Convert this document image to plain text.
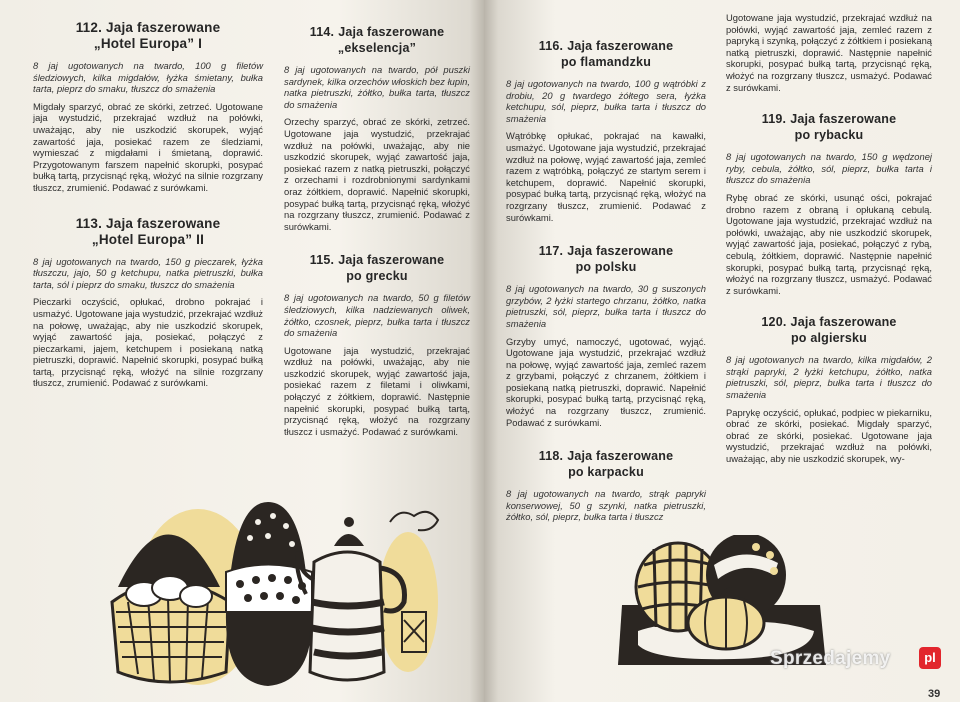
112. Jaja faszerowane
„Hotel Europa” I

8 jaj ugotowanych na twardo, 100 g filetów śledziowych, kilka migdałów, łyżka śmietany, bułka tarta, pieprz do smaku, tłuszcz do smażenia

Migdały sparzyć, obrać ze skórki, zetrzeć. Ugotowane jaja wystudzić, przekrajać wzdłuż na połówki, uważając, aby nie uszkodzić skorupek, wyjąć zawartość jaja, posiekać razem ze śledziami, wymieszać z migdałami i śmietaną, doprawić. Przygotowanym farszem napełnić skorupki, posypać bułką tartą, przycisnąć ręką, włożyć na silnie rozgrzany tłuszcz, zrumienić. Podawać z surówkami.

113. Jaja faszerowane
„Hotel Europa” II

8 jaj ugotowanych na twardo, 150 g pieczarek, łyżka tłuszczu, jajo, 50 g ketchupu, natka pietruszki, bułka tarta, sól i pieprz do smaku, tłuszcz do smażenia

Pieczarki oczyścić, opłukać, drobno pokrajać i usmażyć. Ugotowane jaja wystudzić, przekrajać wzdłuż na połowę, uważając, aby nie uszkodzić skorupek, wyjąć zawartość jaja, posiekać, połączyć z pieczarkami, jajem, ketchupem i posiekaną natką pietruszki, doprawić. Napełnić skorupki, posypać bułką tartą, przycisnąć ręką, włożyć na silnie rozgrzany tłuszcz, zrumienić. Podawać z surówkami.

114. Jaja faszerowane
„ekselencja”

8 jaj ugotowanych na twardo, pół puszki sardynek, kilka orzechów włoskich bez łupin, natka pietruszki, żółtko, bułka tarta, tłuszcz do smażenia

Orzechy sparzyć, obrać ze skórki, zetrzeć. Ugotowane jaja wystudzić, przekrajać wzdłuż na połówki, uważając, aby nie uszkodzić skorupek, wyjąć zawartość jaja, posiekać razem z natką pietruszki, połączyć z orzechami i rozdrobnionymi sardynkami oraz żółtkiem, doprawić. Napełnić skorupki, posypać bułką tartą, przycisnąć ręką, włożyć na rozgrzany tłuszcz, zrumienić. Podawać z surówkami.

115. Jaja faszerowane
po grecku

8 jaj ugotowanych na twardo, 50 g filetów śledziowych, kilka nadziewanych oliwek, żółtko, czosnek, pieprz, bułka tarta i tłuszcz do smażenia

Ugotowane jaja wystudzić, przekrajać wzdłuż na połówki, uważając, aby nie uszkodzić skorupek, wyjąć zawartość jaja, posiekać razem z filetami i oliwkami, połączyć z żółtkiem, doprawić. Następnie napełnić skorupki, posypać bułką tartą, przycisnąć ręką, włożyć na rozgrzany tłuszcz i usmażyć. Podawać z surówkami.

116. Jaja faszerowane
po flamandzku

8 jaj ugotowanych na twardo, 100 g wątróbki z drobiu, 20 g twardego żółtego sera, łyżka ketchupu, sól, pieprz, bułka tarta i tłuszcz do smażenia

Wątróbkę opłukać, pokrajać na kawałki, usmażyć. Ugotowane jaja wystudzić, przekrajać wzdłuż na połowę, wyjąć zawartość jaja, zemleć razem z wątróbką, połączyć ze startym serem i ketchupem, doprawić. Napełnić skorupki, posypać bułką tartą, przycisnąć ręką, włożyć na rozgrzany tłuszcz, zrumienić. Podawać z surówkami.

117. Jaja faszerowane
po polsku

8 jaj ugotowanych na twardo, 30 g suszonych grzybów, 2 łyżki startego chrzanu, żółtko, natka pietruszki, sól, pieprz, bułka tarta i tłuszcz do smażenia

Grzyby umyć, namoczyć, ugotować, wyjąć. Ugotowane jaja wystudzić, przekrajać wzdłuż na połowę, wyjąć zawartość jaja, zemleć razem z grzybami, połączyć z chrzanem, żółtkiem i posiekaną natką pietruszki, doprawić. Napełnić skorupki, posypać bułką tartą, przycisnąć ręką, włożyć na rozgrzany tłuszcz, zrumienić. Podawać z surówkami.

118. Jaja faszerowane
po karpacku

8 jaj ugotowanych na twardo, strąk papryki konserwowej, 50 g szynki, natka pietruszki, żółtko, sól, pieprz, bułka tarta i tłuszcz

Ugotowane jaja wystudzić, przekrajać wzdłuż na połówki, wyjąć zawartość jaja, zemleć razem z papryką i szynką, połączyć z żółtkiem i posiekaną natką pietruszki, doprawić. Następnie napełnić skorupki, posypać bułką tartą, przycisnąć ręką, włożyć na rozgrzany tłuszcz, usmażyć. Podawać z surówkami.

119. Jaja faszerowane
po rybacku

8 jaj ugotowanych na twardo, 150 g wędzonej ryby, cebula, żółtko, sól, pieprz, bułka tarta i tłuszcz do smażenia

Rybę obrać ze skórki, usunąć ości, pokrajać drobno razem z obraną i opłukaną cebulą. Ugotowane jaja wystudzić, przekrajać wzdłuż na połówki, uważając, aby nie uszkodzić skorupek, wyjąć zawartość jaja, posiekać, połączyć z rybą, cebulą, żółtkiem, doprawić. Następnie napełnić skorupki, posypać bułką tartą, przycisnąć ręką, włożyć na rozgrzany tłuszcz, usmażyć. Podawać z surówkami.

120. Jaja faszerowane
po algiersku

8 jaj ugotowanych na twardo, kilka migdałów, 2 strąki papryki, 2 łyżki ketchupu, żółtko, natka pietruszki, sól, pieprz, bułka tarta i tłuszcz do smażenia

Paprykę oczyścić, opłukać, podpiec w piekarniku, obrać ze skórki, posiekać. Migdały sparzyć, obrać ze skórki, posiekać. Ugotowane jaja wystudzić, przekrajać wzdłuż na połówki, uważając, aby nie uszkodzić skorupek, wy-

Sprzedajemy	pl
39
